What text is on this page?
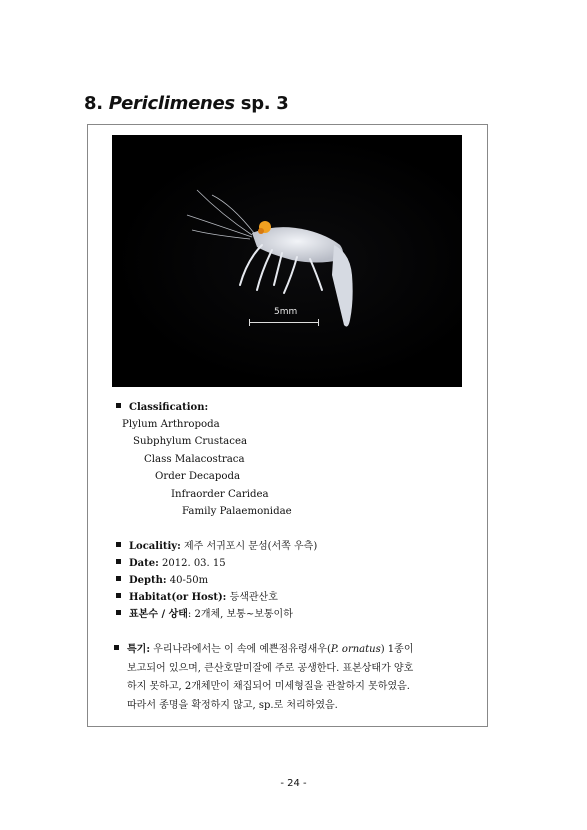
8. Periclimenes sp. 3
5mm
Classification:
Plylum Arthropoda
Subphylum Crustacea
Class Malacostraca
Order Decapoda
Infraorder Caridea
Family Palaemonidae
Localitiy: 제주 서귀포시 문섬(서쪽 우측)
Date: 2012. 03. 15
Depth: 40-50m
Habitat(or Host): 등색관산호
표본수 / 상태: 2개체, 보통~보통이하
특기: 우리나라에서는 이 속에 예쁜점유령새우(P. ornatus) 1종이
보고되어 있으며, 큰산호말미잘에 주로 공생한다. 표본상태가 양호
하지 못하고, 2개체만이 채집되어 미세형질을 관찰하지 못하였음.
따라서 종명을 확정하지 않고, sp.로 처리하였음.
- 24 -
